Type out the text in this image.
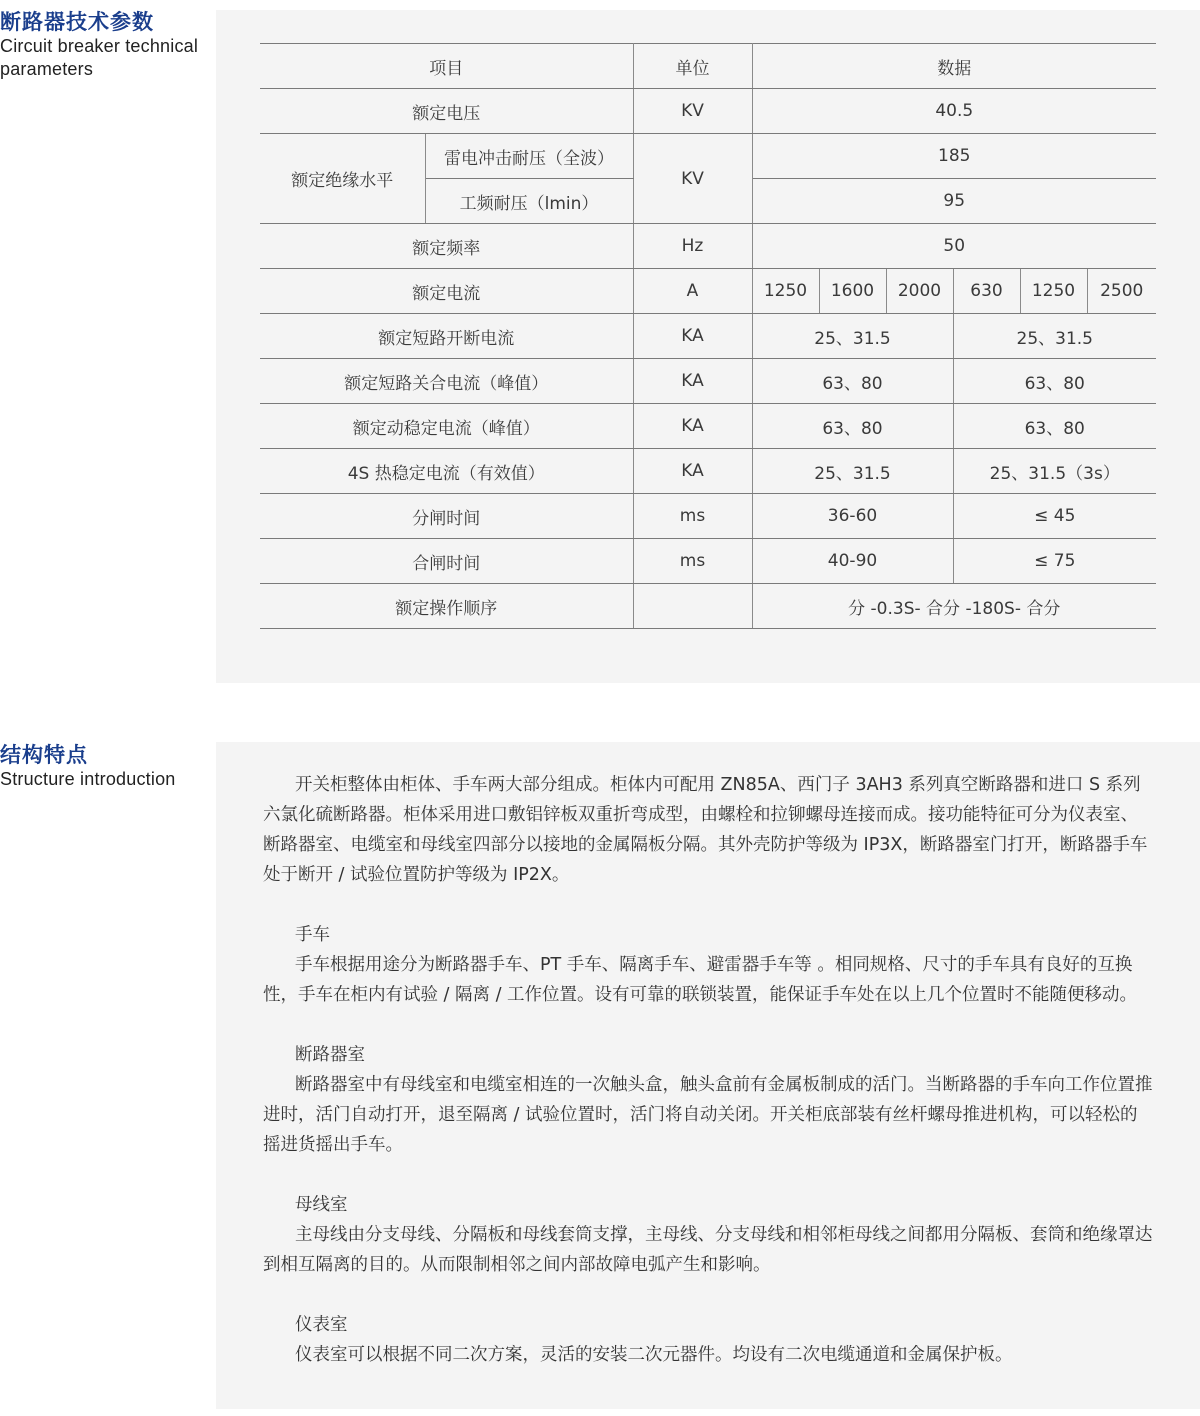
断路器技术参数
Circuit breaker technical
parameters	项目		单位	数据					
额定电压		KV	40.5					
额定绝缘水平	雷电冲击耐压（全波）	KV	185					
	工频耐压（lmin）		95					
额定频率		Hz	50					
额定电流		A	1250	1600	2000	630	1250	2500
额定短路开断电流		KA	25、31.5			25、31.5		
额定短路关合电流（峰值）		KA	63、80			63、80		
额定动稳定电流（峰值）		KA	63、80			63、80		
4S 热稳定电流（有效值）		KA	25、31.5			25、31.5（3s）		
分闸时间		ms	36-60			≤ 45		
合闸时间		ms	40-90			≤ 75		
额定操作顺序			分 -0.3S- 合分 -180S- 合分					
结构特点
Structure introduction	开关柜整体由柜体、手车两大部分组成。柜体内可配用 ZN85A、西门子 3AH3 系列真空断路器和进口 S 系列六氯化硫断路器。柜体采用进口敷铝锌板双重折弯成型，由螺栓和拉铆螺母连接而成。接功能特征可分为仪表室、断路器室、电缆室和母线室四部分以接地的金属隔板分隔。其外壳防护等级为 IP3X，断路器室门打开，断路器手车处于断开 / 试验位置防护等级为 IP2X。

手车

手车根据用途分为断路器手车、PT 手车、隔离手车、避雷器手车等 。相同规格、尺寸的手车具有良好的互换性，手车在柜内有试验 / 隔离 / 工作位置。设有可靠的联锁装置，能保证手车处在以上几个位置时不能随便移动。

断路器室

断路器室中有母线室和电缆室相连的一次触头盒，触头盒前有金属板制成的活门。当断路器的手车向工作位置推进时，活门自动打开，退至隔离 / 试验位置时，活门将自动关闭。开关柜底部装有丝杆螺母推进机构，可以轻松的摇进货摇出手车。

母线室

主母线由分支母线、分隔板和母线套筒支撑，主母线、分支母线和相邻柜母线之间都用分隔板、套筒和绝缘罩达到相互隔离的目的。从而限制相邻之间内部故障电弧产生和影响。

仪表室

仪表室可以根据不同二次方案，灵活的安装二次元器件。均设有二次电缆通道和金属保护板。
